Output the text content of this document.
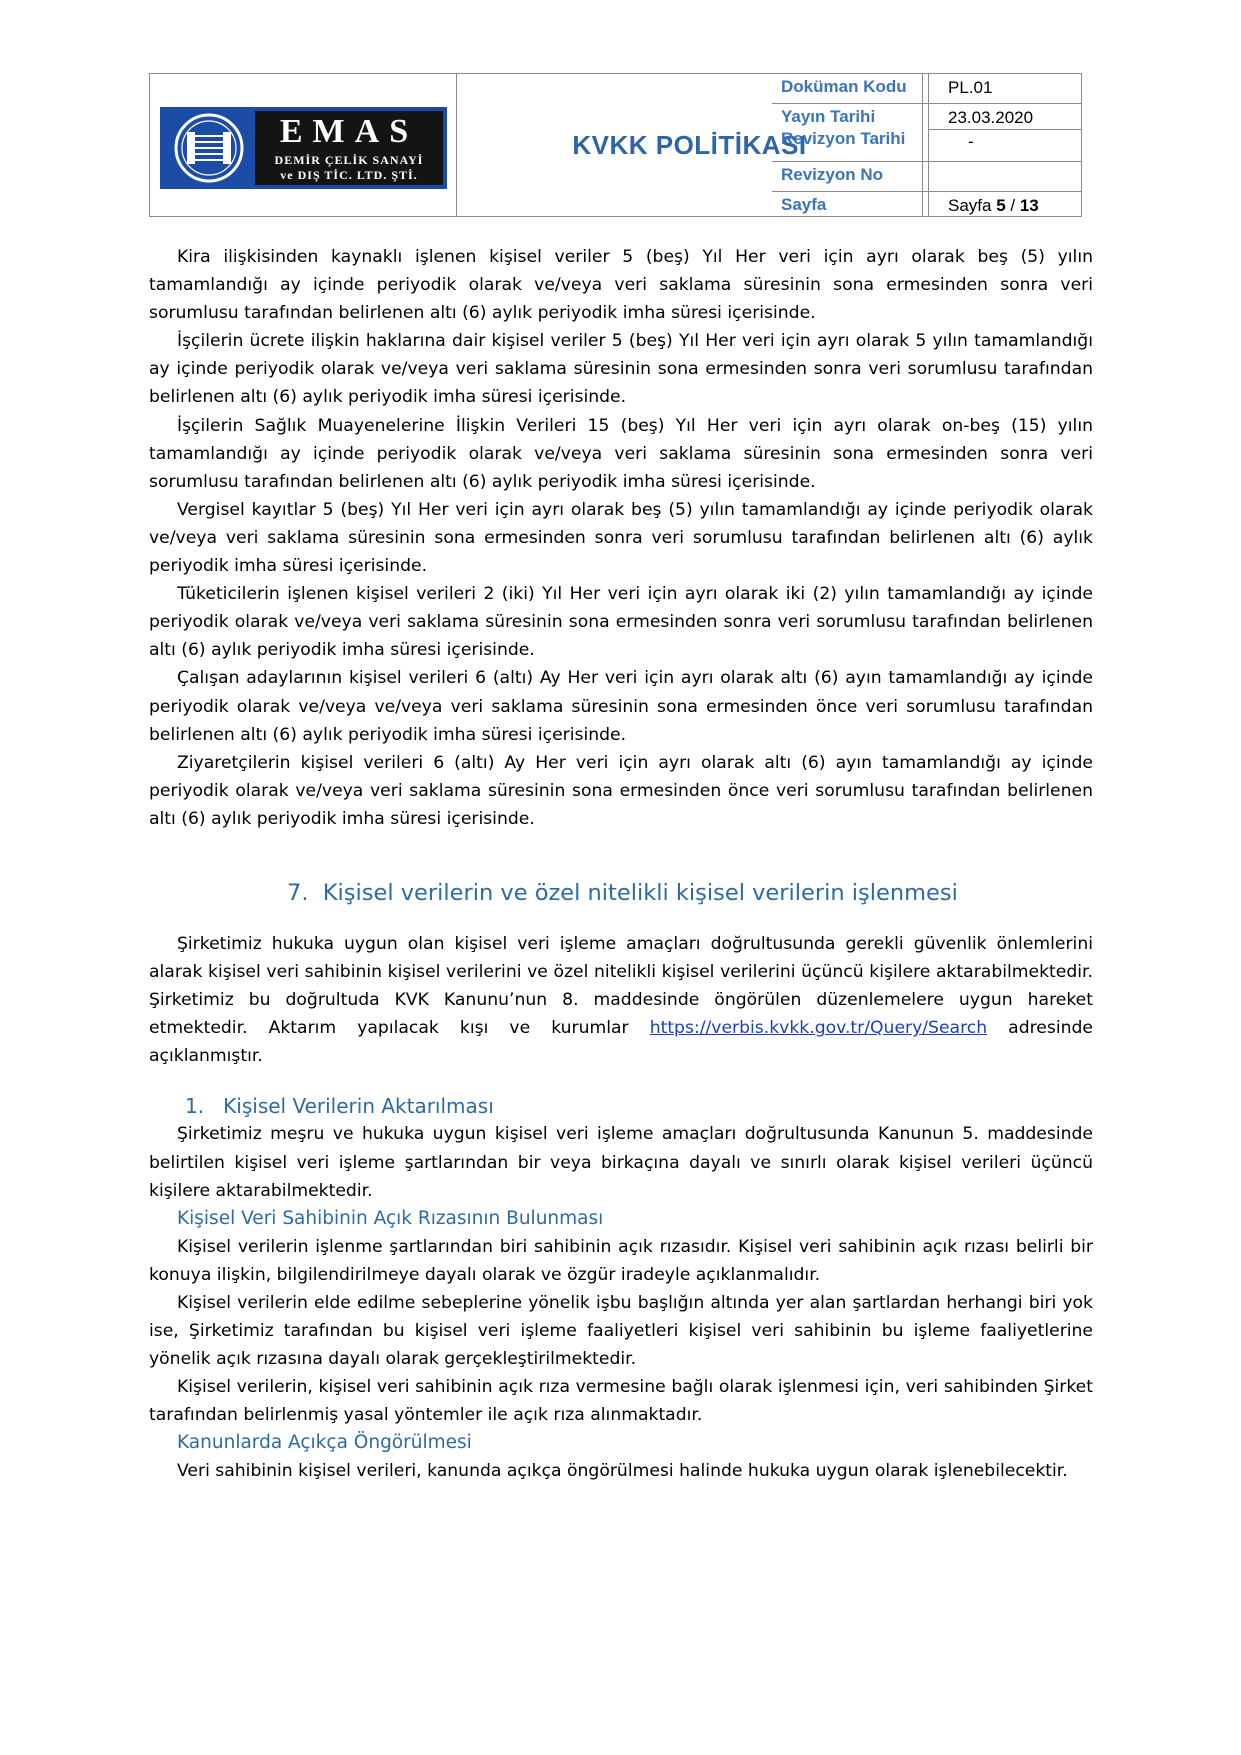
EMAS
DEMİR ÇELİK SANAYİ
ve DIŞ TİC. LTD. ŞTİ.
KVKK POLİTİKASI
Doküman Kodu PL.01
Yayın Tarihi	23.03.2020
Revizyon Tarihi	-
Revizyon No
Sayfa	Sayfa 5 / 13

Kira ilişkisinden kaynaklı işlenen kişisel veriler 5 (beş) Yıl Her veri için ayrı olarak beş (5) yılın tamamlandığı ay içinde periyodik olarak ve/veya veri saklama süresinin sona ermesinden sonra veri sorumlusu tarafından belirlenen altı (6) aylık periyodik imha süresi içerisinde.

İşçilerin ücrete ilişkin haklarına dair kişisel veriler 5 (beş) Yıl Her veri için ayrı olarak 5 yılın tamamlandığı ay içinde periyodik olarak ve/veya veri saklama süresinin sona ermesinden sonra veri sorumlusu tarafından belirlenen altı (6) aylık periyodik imha süresi içerisinde.

İşçilerin Sağlık Muayenelerine İlişkin Verileri 15 (beş) Yıl Her veri için ayrı olarak on-beş (15) yılın tamamlandığı ay içinde periyodik olarak ve/veya veri saklama süresinin sona ermesinden sonra veri sorumlusu tarafından belirlenen altı (6) aylık periyodik imha süresi içerisinde.

Vergisel kayıtlar 5 (beş) Yıl Her veri için ayrı olarak beş (5) yılın tamamlandığı ay içinde periyodik olarak ve/veya veri saklama süresinin sona ermesinden sonra veri sorumlusu tarafından belirlenen altı (6) aylık periyodik imha süresi içerisinde.

Tüketicilerin işlenen kişisel verileri 2 (iki) Yıl Her veri için ayrı olarak iki (2) yılın tamamlandığı ay içinde periyodik olarak ve/veya veri saklama süresinin sona ermesinden sonra veri sorumlusu tarafından belirlenen altı (6) aylık periyodik imha süresi içerisinde.

Çalışan adaylarının kişisel verileri 6 (altı) Ay Her veri için ayrı olarak altı (6) ayın tamamlandığı ay içinde periyodik olarak ve/veya ve/veya veri saklama süresinin sona ermesinden önce veri sorumlusu tarafından belirlenen altı (6) aylık periyodik imha süresi içerisinde.

Ziyaretçilerin kişisel verileri 6 (altı) Ay Her veri için ayrı olarak altı (6) ayın tamamlandığı ay içinde periyodik olarak ve/veya veri saklama süresinin sona ermesinden önce veri sorumlusu tarafından belirlenen altı (6) aylık periyodik imha süresi içerisinde.

7. Kişisel verilerin ve özel nitelikli kişisel verilerin işlenmesi

Şirketimiz hukuka uygun olan kişisel veri işleme amaçları doğrultusunda gerekli güvenlik önlemlerini alarak kişisel veri sahibinin kişisel verilerini ve özel nitelikli kişisel verilerini üçüncü kişilere aktarabilmektedir. Şirketimiz bu doğrultuda KVK Kanunu’nun 8. maddesinde öngörülen düzenlemelere uygun hareket etmektedir. Aktarım yapılacak kışı ve kurumlar https://verbis.kvkk.gov.tr/Query/Search adresinde açıklanmıştır.

1. Kişisel Verilerin Aktarılması

Şirketimiz meşru ve hukuka uygun kişisel veri işleme amaçları doğrultusunda Kanunun 5. maddesinde belirtilen kişisel veri işleme şartlarından bir veya birkaçına dayalı ve sınırlı olarak kişisel verileri üçüncü kişilere aktarabilmektedir.

Kişisel Veri Sahibinin Açık Rızasının Bulunması

Kişisel verilerin işlenme şartlarından biri sahibinin açık rızasıdır. Kişisel veri sahibinin açık rızası belirli bir konuya ilişkin, bilgilendirilmeye dayalı olarak ve özgür iradeyle açıklanmalıdır.

Kişisel verilerin elde edilme sebeplerine yönelik işbu başlığın altında yer alan şartlardan herhangi biri yok ise, Şirketimiz tarafından bu kişisel veri işleme faaliyetleri kişisel veri sahibinin bu işleme faaliyetlerine yönelik açık rızasına dayalı olarak gerçekleştirilmektedir.

Kişisel verilerin, kişisel veri sahibinin açık rıza vermesine bağlı olarak işlenmesi için, veri sahibinden Şirket tarafından belirlenmiş yasal yöntemler ile açık rıza alınmaktadır.

Kanunlarda Açıkça Öngörülmesi

Veri sahibinin kişisel verileri, kanunda açıkça öngörülmesi halinde hukuka uygun olarak işlenebilecektir.
